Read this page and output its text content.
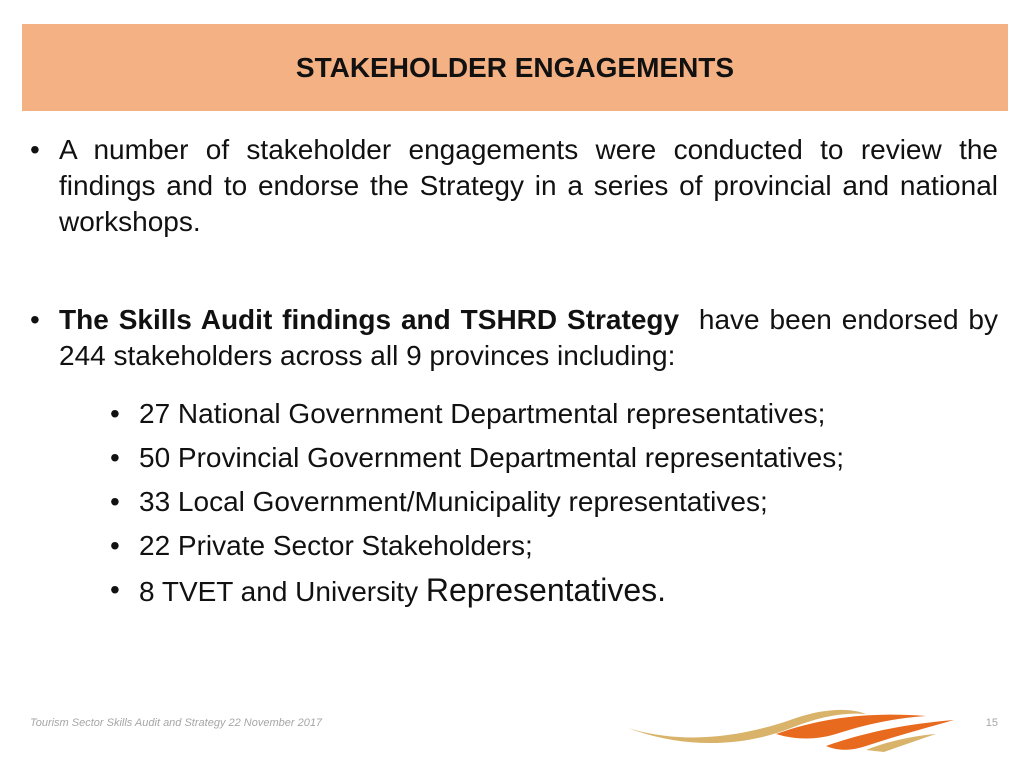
STAKEHOLDER ENGAGEMENTS
• A number of stakeholder engagements were conducted to review the findings and to endorse the Strategy in a series of provincial and national workshops.
• The Skills Audit findings and TSHRD Strategy  have been endorsed by 244 stakeholders across all 9 provinces including:
• 27 National Government Departmental representatives;
• 50 Provincial Government Departmental representatives;
• 33 Local Government/Municipality representatives;
• 22 Private Sector Stakeholders;
• 8 TVET and University Representatives.
Tourism Sector Skills Audit and Strategy 22 November 2017	15
